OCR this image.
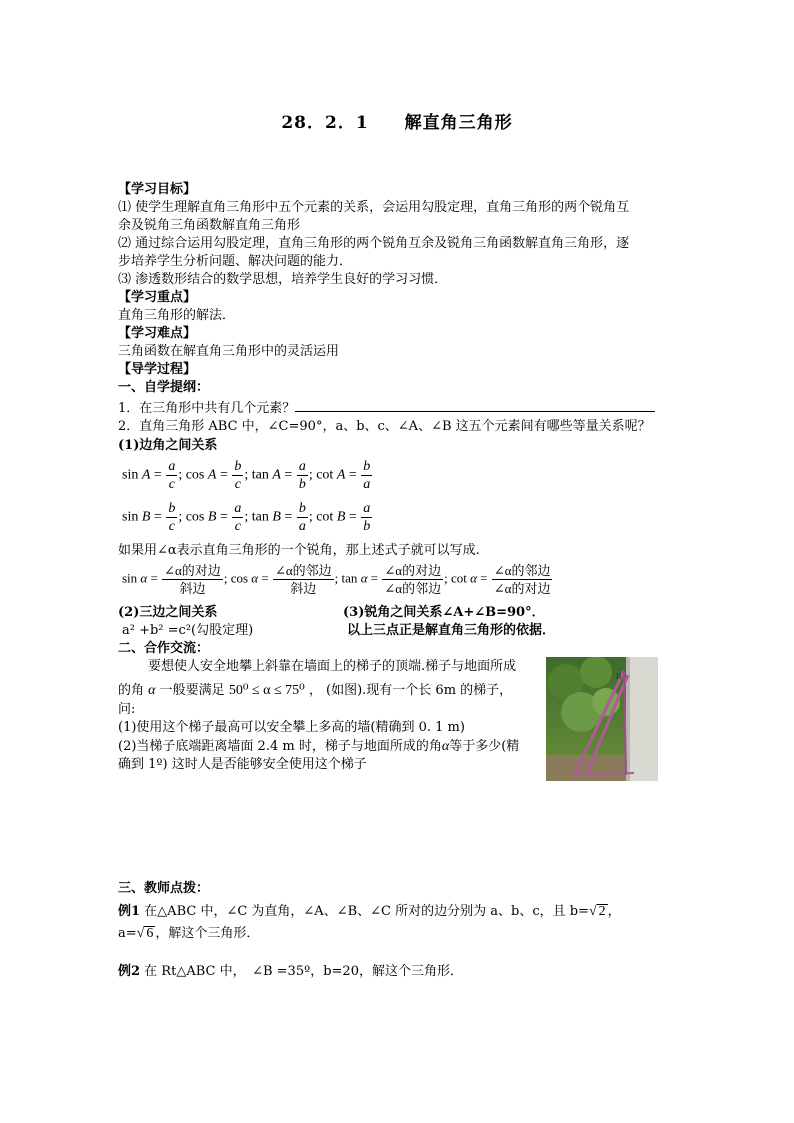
28．2．1　　解直角三角形
【学习目标】
⑴ 使学生理解直角三角形中五个元素的关系，会运用勾股定理，直角三角形的两个锐角互
余及锐角三角函数解直角三角形
⑵ 通过综合运用勾股定理，直角三角形的两个锐角互余及锐角三角函数解直角三角形，逐
步培养学生分析问题、解决问题的能力．
⑶ 渗透数形结合的数学思想，培养学生良好的学习习惯．
【学习重点】
直角三角形的解法．
【学习难点】
三角函数在解直角三角形中的灵活运用
【导学过程】
一、自学提纲：
1．在三角形中共有几个元素？
2．直角三角形 ABC 中，∠C=90°，a、b、c、∠A、∠B 这五个元素间有哪些等量关系呢？
(1)边角之间关系
$\sin A = \frac{a}{c}$ ; $\cos A = \frac{b}{c}$ ; $\tan A = \frac{a}{b}$ ; $\cot A = \frac{b}{a}$
$\sin B = \frac{b}{c}$ ; $\cos B = \frac{a}{c}$ ; $\tan B = \frac{b}{a}$ ; $\cot B = \frac{a}{b}$
如果用∠α表示直角三角形的一个锐角，那上述式子就可以写成.
$\sin \alpha = \frac{\text{∠α的对边}}{\text{斜边}}$ ; $\cos \alpha = \frac{\text{∠α的邻边}}{\text{斜边}}$ ; $\tan \alpha = \frac{\text{∠α的对边}}{\text{∠α的邻边}}$ ; $\cot \alpha = \frac{\text{∠α的邻边}}{\text{∠α的对边}}$
(2)三边之间关系	(3)锐角之间关系∠A+∠B=90°．
a² +b² =c²(勾股定理)	以上三点正是解直角三角形的依据．
二、合作交流：
要想使人安全地攀上斜靠在墙面上的梯子的顶端.梯子与地面所成
的角 α 一般要满足 50⁰ ≤ α ≤ 75⁰ ， (如图).现有一个长 6m 的梯子，
问:
(1)使用这个梯子最高可以安全攀上多高的墙(精确到 0. 1 m)
(2)当梯子底端距离墙面 2.4 m 时，梯子与地面所成的角α等于多少(精
确到 1º) 这时人是否能够安全使用这个梯子
B
三、教师点拨：
例1 在△ABC 中，∠C 为直角，∠A、∠B、∠C 所对的边分别为 a、b、c，且 b=√ 2 ，
a=√ 6 ，解这个三角形．
例2 在 Rt△ABC 中，　∠B =35º，b=20，解这个三角形．
